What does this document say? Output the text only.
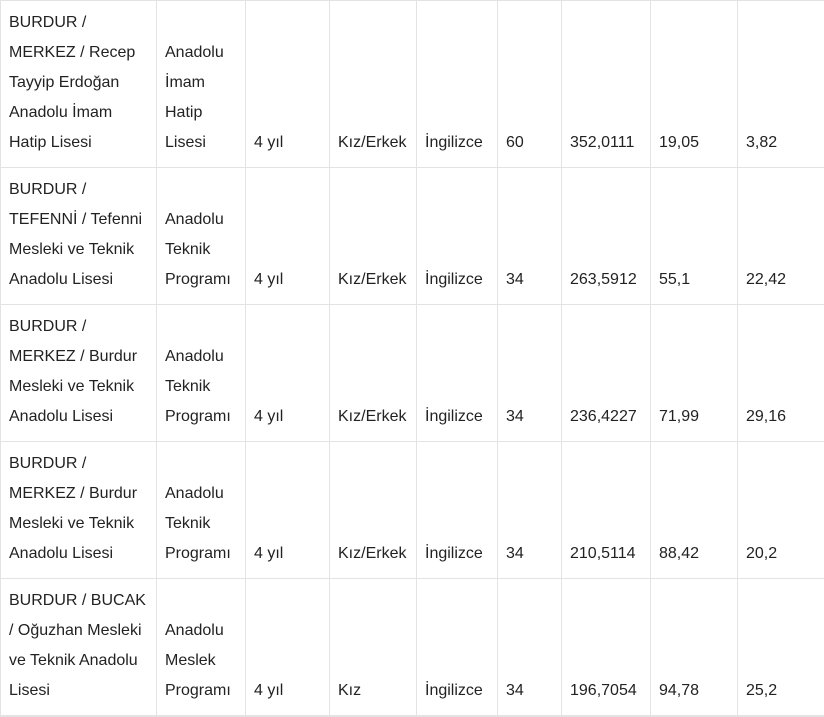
BURDUR / MERKEZ / Recep Tayyip Erdoğan Anadolu İmam Hatip Lisesi	Anadolu İmam Hatip Lisesi	4 yıl	Kız/Erkek	İngilizce	60	352,0111	19,05	3,82

BURDUR / TEFENNİ / Tefenni Mesleki ve Teknik Anadolu Lisesi	Anadolu Teknik Programı	4 yıl	Kız/Erkek	İngilizce	34	263,5912	55,1	22,42

BURDUR / MERKEZ / Burdur Mesleki ve Teknik Anadolu Lisesi	Anadolu Teknik Programı	4 yıl	Kız/Erkek	İngilizce	34	236,4227	71,99	29,16

BURDUR / MERKEZ / Burdur Mesleki ve Teknik Anadolu Lisesi	Anadolu Teknik Programı	4 yıl	Kız/Erkek	İngilizce	34	210,5114	88,42	20,2

BURDUR / BUCAK / Oğuzhan Mesleki ve Teknik Anadolu Lisesi	Anadolu Meslek Programı	4 yıl	Kız	İngilizce	34	196,7054	94,78	25,2
